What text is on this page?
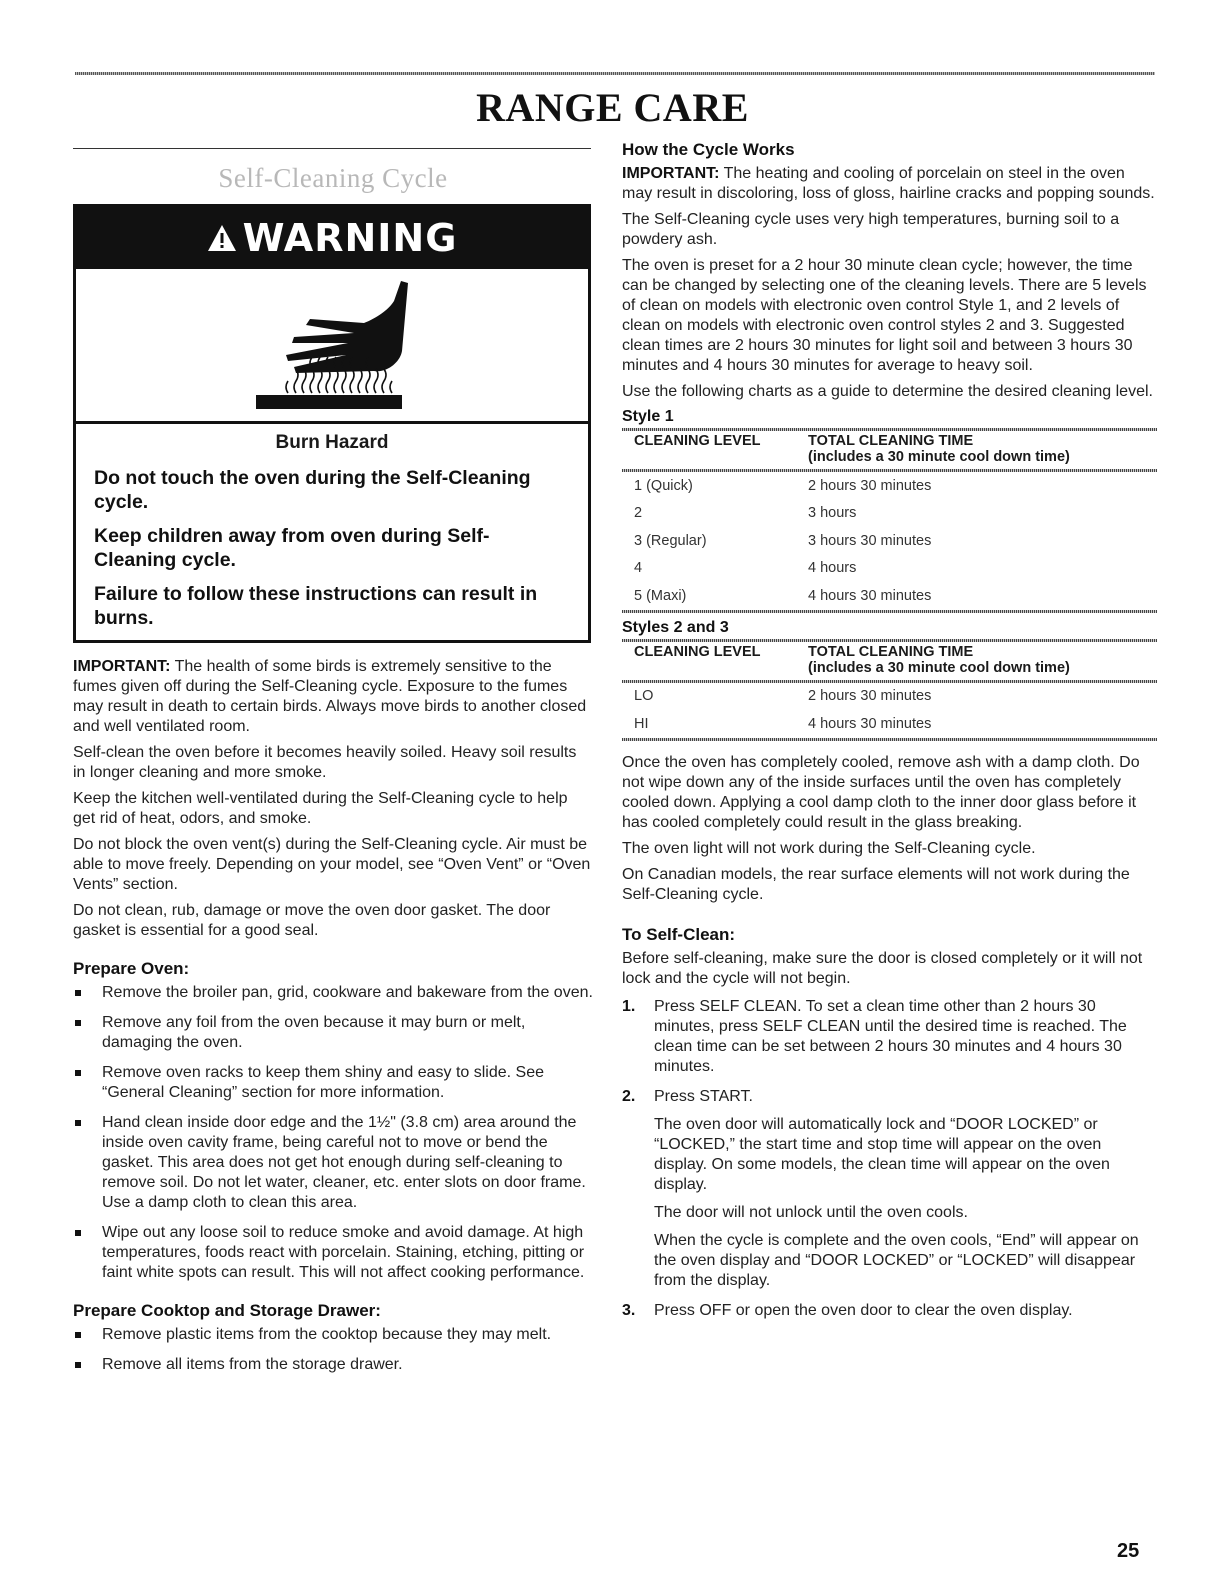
RANGE CARE
Self-Cleaning Cycle
WARNING

Burn Hazard

Do not touch the oven during the Self-Cleaning cycle.

Keep children away from oven during Self-Cleaning cycle.

Failure to follow these instructions can result in burns.

IMPORTANT: The health of some birds is extremely sensitive to the fumes given off during the Self-Cleaning cycle. Exposure to the fumes may result in death to certain birds. Always move birds to another closed and well ventilated room.

Self-clean the oven before it becomes heavily soiled. Heavy soil results in longer cleaning and more smoke.

Keep the kitchen well-ventilated during the Self-Cleaning cycle to help get rid of heat, odors, and smoke.

Do not block the oven vent(s) during the Self-Cleaning cycle. Air must be able to move freely. Depending on your model, see “Oven Vent” or “Oven Vents” section.

Do not clean, rub, damage or move the oven door gasket. The door gasket is essential for a good seal.

Prepare Oven:

Remove the broiler pan, grid, cookware and bakeware from the oven.
Remove any foil from the oven because it may burn or melt, damaging the oven.
Remove oven racks to keep them shiny and easy to slide. See “General Cleaning” section for more information.
Hand clean inside door edge and the 1½" (3.8 cm) area around the inside oven cavity frame, being careful not to move or bend the gasket. This area does not get hot enough during self-cleaning to remove soil. Do not let water, cleaner, etc. enter slots on door frame. Use a damp cloth to clean this area.
Wipe out any loose soil to reduce smoke and avoid damage. At high temperatures, foods react with porcelain. Staining, etching, pitting or faint white spots can result. This will not affect cooking performance.

Prepare Cooktop and Storage Drawer:

Remove plastic items from the cooktop because they may melt.
Remove all items from the storage drawer.

How the Cycle Works

IMPORTANT: The heating and cooling of porcelain on steel in the oven may result in discoloring, loss of gloss, hairline cracks and popping sounds.

The Self-Cleaning cycle uses very high temperatures, burning soil to a powdery ash.

The oven is preset for a 2 hour 30 minute clean cycle; however, the time can be changed by selecting one of the cleaning levels. There are 5 levels of clean on models with electronic oven control Style 1, and 2 levels of clean on models with electronic oven control styles 2 and 3. Suggested clean times are 2 hours 30 minutes for light soil and between 3 hours 30 minutes and 4 hours 30 minutes for average to heavy soil.

Use the following charts as a guide to determine the desired cleaning level.

Style 1

CLEANING LEVEL	TOTAL CLEANING TIME
(includes a 30 minute cool down time)
1 (Quick)	2 hours 30 minutes
2	3 hours
3 (Regular)	3 hours 30 minutes
4	4 hours
5 (Maxi)	4 hours 30 minutes

Styles 2 and 3

CLEANING LEVEL	TOTAL CLEANING TIME
(includes a 30 minute cool down time)
LO	2 hours 30 minutes
HI	4 hours 30 minutes

Once the oven has completely cooled, remove ash with a damp cloth. Do not wipe down any of the inside surfaces until the oven has completely cooled down. Applying a cool damp cloth to the inner door glass before it has cooled completely could result in the glass breaking.

The oven light will not work during the Self-Cleaning cycle.

On Canadian models, the rear surface elements will not work during the Self-Cleaning cycle.

To Self-Clean:

Before self-cleaning, make sure the door is closed completely or it will not lock and the cycle will not begin.

1. Press SELF CLEAN. To set a clean time other than 2 hours 30 minutes, press SELF CLEAN until the desired time is reached. The clean time can be set between 2 hours 30 minutes and 4 hours 30 minutes.
2. Press START.

The oven door will automatically lock and “DOOR LOCKED” or “LOCKED,” the start time and stop time will appear on the oven display. On some models, the clean time will appear on the oven display.

The door will not unlock until the oven cools.

When the cycle is complete and the oven cools, “End” will appear on the oven display and “DOOR LOCKED” or “LOCKED” will disappear from the display.

3. Press OFF or open the oven door to clear the oven display.
25
